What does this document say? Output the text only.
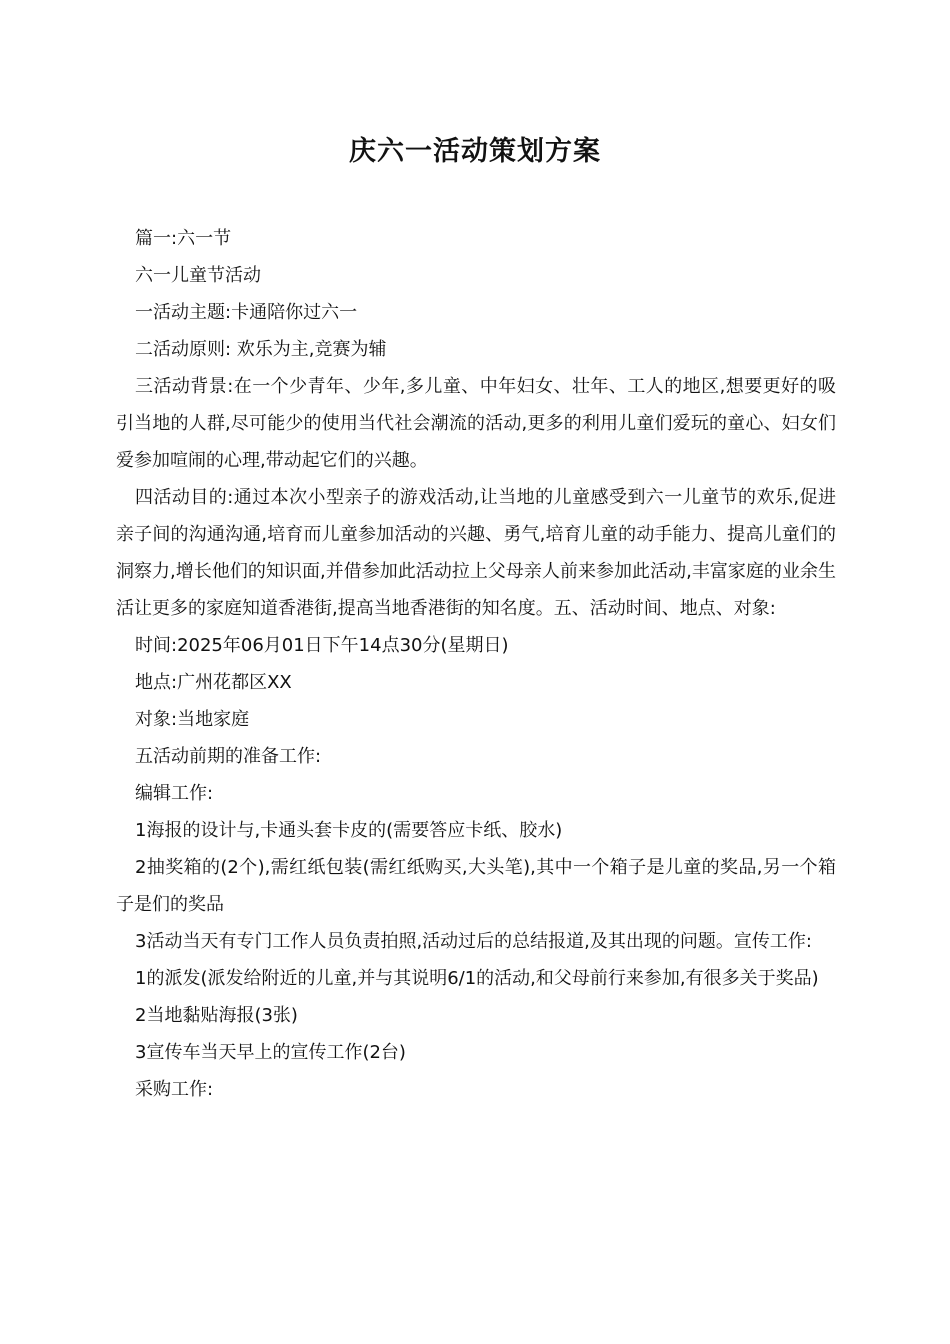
庆六一活动策划方案

篇一:六一节

六一儿童节活动

一活动主题:卡通陪你过六一

二活动原则: 欢乐为主,竞赛为辅

三活动背景:在一个少青年、少年,多儿童、中年妇女、壮年、工人的地区,想要更好的吸引当地的人群,尽可能少的使用当代社会潮流的活动,更多的利用儿童们爱玩的童心、妇女们爱参加喧闹的心理,带动起它们的兴趣。

四活动目的:通过本次小型亲子的游戏活动,让当地的儿童感受到六一儿童节的欢乐,促进亲子间的沟通沟通,培育而儿童参加活动的兴趣、勇气,培育儿童的动手能力、提高儿童们的洞察力,增长他们的知识面,并借参加此活动拉上父母亲人前来参加此活动,丰富家庭的业余生活让更多的家庭知道香港街,提高当地香港街的知名度。五、活动时间、地点、对象:

时间:2025年06月01日下午14点30分(星期日)

地点:广州花都区XX

对象:当地家庭

五活动前期的准备工作:

编辑工作:

1海报的设计与,卡通头套卡皮的(需要答应卡纸、胶水)

2抽奖箱的(2个),需红纸包装(需红纸购买,大头笔),其中一个箱子是儿童的奖品,另一个箱子是们的奖品

3活动当天有专门工作人员负责拍照,活动过后的总结报道,及其出现的问题。宣传工作:

1的派发(派发给附近的儿童,并与其说明6/1的活动,和父母前行来参加,有很多关于奖品)

2当地黏贴海报(3张)

3宣传车当天早上的宣传工作(2台)

采购工作:
